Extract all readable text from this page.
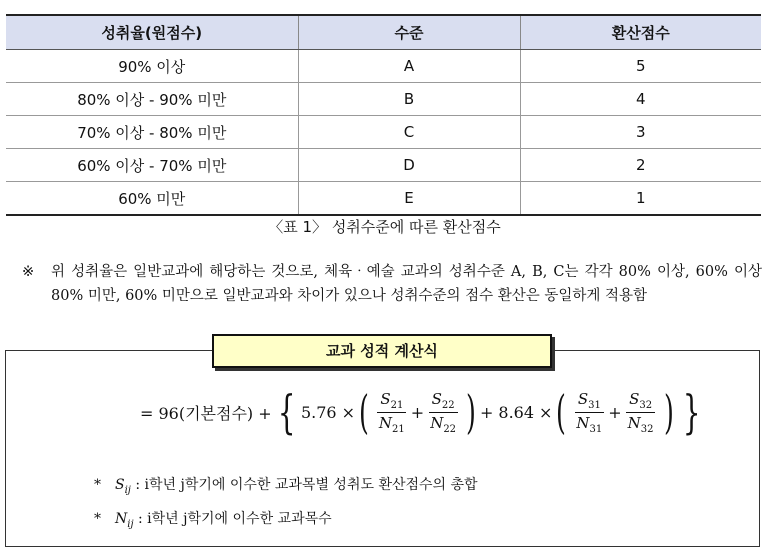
성취율(원점수)	수준	환산점수
90% 이상	A	5
80% 이상 - 90% 미만	B	4
70% 이상 - 80% 미만	C	3
60% 이상 - 70% 미만	D	2
60% 미만	E	1
〈표 1〉 성취수준에 따른 환산점수
※ 위 성취율은 일반교과에 해당하는 것으로, 체육‧예술 교과의 성취수준 A, B, C는 각각 80% 이상, 60% 이상 80% 미만, 60% 미만으로 일반교과와 차이가 있으나 성취수준의 점수 환산은 동일하게 적용함
교과 성적 계산식
= 96(기본점수) + { 5.76 × ( $\frac{S_{21}}{N_{21}} + \frac{S_{22}}{N_{22}}$ ) + 8.64 × ( $\frac{S_{31}}{N_{31}} + \frac{S_{32}}{N_{32}}$ ) }
* $S_{ij}$ : i학년 j학기에 이수한 교과목별 성취도 환산점수의 총합
* $N_{ij}$ : i학년 j학기에 이수한 교과목수
